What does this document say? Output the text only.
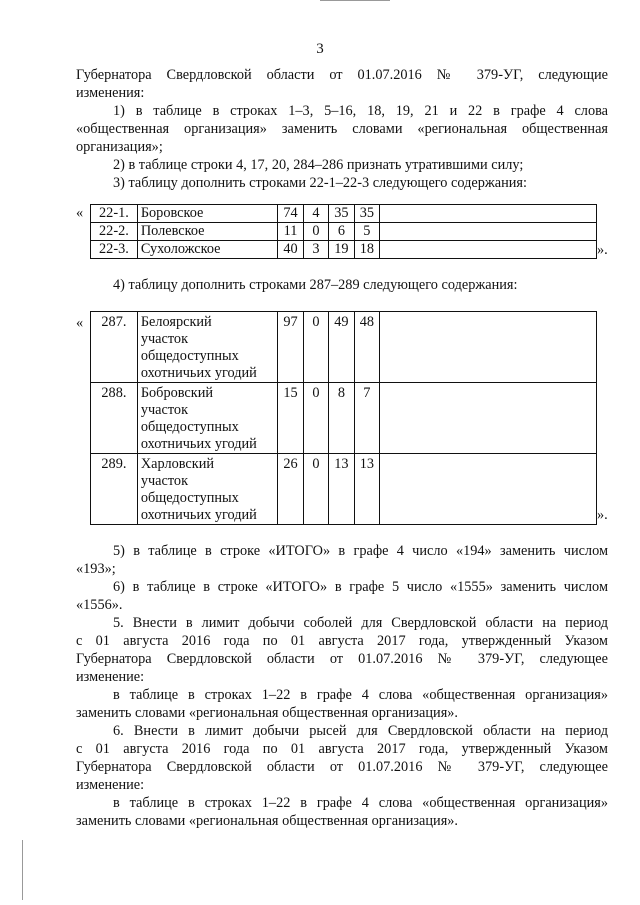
3
Губернатора Свердловской области от 01.07.2016 № 379-УГ, следующие
изменения:
1) в таблице в строках 1–3, 5–16, 18, 19, 21 и 22 в графе 4 слова
«общественная организация» заменить словами «региональная общественная
организация»;
2) в таблице строки 4, 17, 20, 284–286 признать утратившими силу;
3) таблицу дополнить строками 22-1–22-3 следующего содержания:
« 22-1.	Боровское	74	4	35	35	
22-2.	Полевское	11	0	6	5	
22-3.	Сухоложское	40	3	19	18		».
4) таблицу дополнить строками 287–289 следующего содержания:
« 287.	Белоярский
участок
общедоступных
охотничьих угодий	97	0	49	48	
288.	Бобровский
участок
общедоступных
охотничьих угодий	15	0	8	7	
289.	Харловский
участок
общедоступных
охотничьих угодий	26	0	13	13	
».
5) в таблице в строке «ИТОГО» в графе 4 число «194» заменить числом
«193»;
6) в таблице в строке «ИТОГО» в графе 5 число «1555» заменить числом
«1556».
5. Внести в лимит добычи соболей для Свердловской области на период
с 01 августа 2016 года по 01 августа 2017 года, утвержденный Указом
Губернатора Свердловской области от 01.07.2016 № 379-УГ, следующее
изменение:
в таблице в строках 1–22 в графе 4 слова «общественная организация»
заменить словами «региональная общественная организация».
6. Внести в лимит добычи рысей для Свердловской области на период
с 01 августа 2016 года по 01 августа 2017 года, утвержденный Указом
Губернатора Свердловской области от 01.07.2016 № 379-УГ, следующее
изменение:
в таблице в строках 1–22 в графе 4 слова «общественная организация»
заменить словами «региональная общественная организация».
